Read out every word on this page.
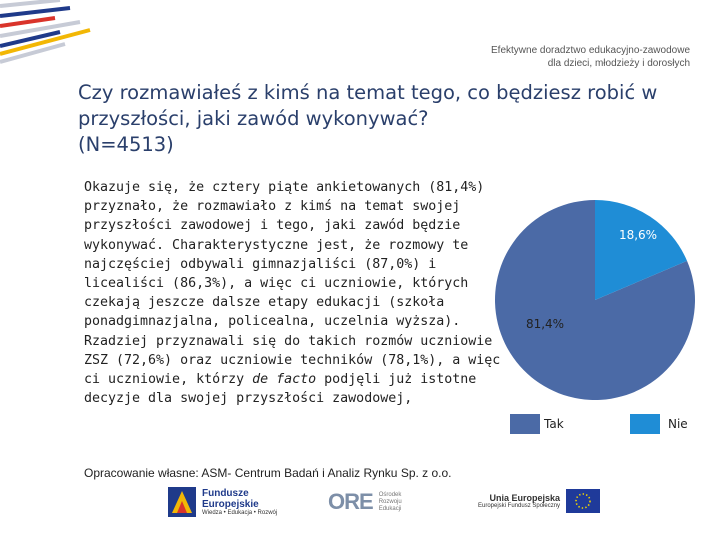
Efektywne doradztwo edukacyjno-zawodowe
dla dzieci, młodzieży i dorosłych
Czy rozmawiałeś z kimś na temat tego, co będziesz robić w przyszłości, jaki zawód wykonywać?
(N=4513)
Okazuje się, że cztery piąte ankietowanych (81,4%) przyznało, że rozmawiało z kimś na temat swojej przyszłości zawodowej i tego, jaki zawód będzie wykonywać. Charakterystyczne jest, że rozmowy te najczęściej odbywali gimnazjaliści (87,0%) i licealiści (86,3%), a więc ci uczniowie, których czekają jeszcze dalsze etapy edukacji (szkoła ponadgimnazjalna, policealna, uczelnia wyższa). Rzadziej przyznawali się do takich rozmów uczniowie ZSZ (72,6%) oraz uczniowie techników (78,1%), a więc ci uczniowie, którzy de facto podjęli już istotne decyzje dla swojej przyszłości zawodowej,
Opracowanie własne: ASM- Centrum Badań i Analiz Rynku Sp. z o.o.
81,4%
18,6%
Tak	Nie
Fundusze
Europejskie
Wiedza • Edukacja • Rozwój ORE Ośrodek Rozwoju Edukacji
Unia Europejska
Europejski Fundusz Społeczny
